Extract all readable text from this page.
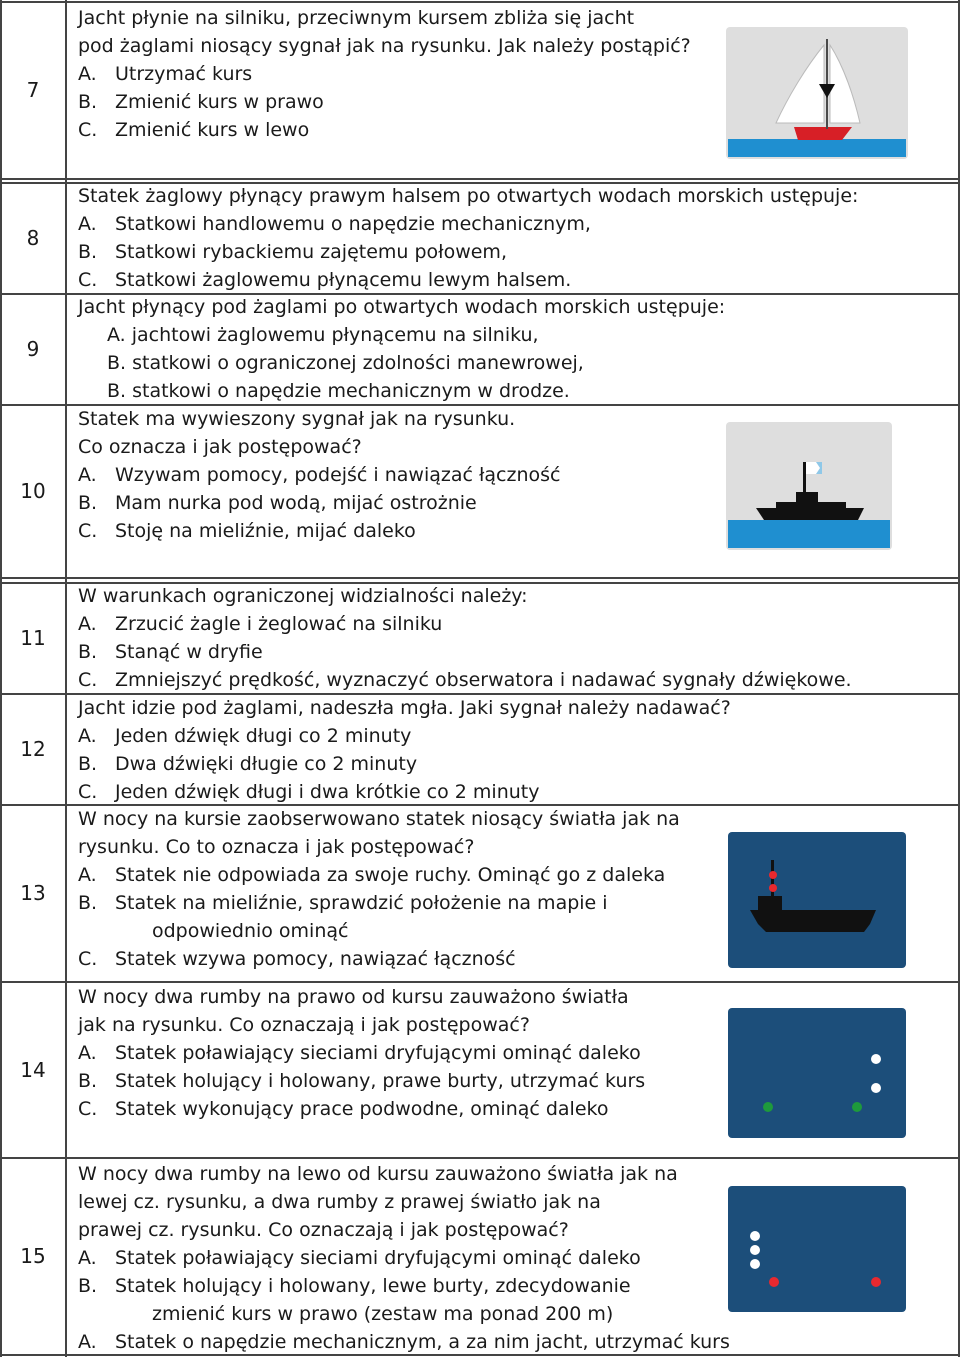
7
8
9
10
11
12
13
14
15
Jacht płynie na silniku, przeciwnym kursem zbliża się jacht
pod żaglami niosący sygnał jak na rysunku. Jak należy postąpić?
A. Utrzymać kurs
B. Zmienić kurs w prawo
C. Zmienić kurs w lewo
Statek żaglowy płynący prawym halsem po otwartych wodach morskich ustępuje:
A. Statkowi handlowemu o napędzie mechanicznym,
B. Statkowi rybackiemu zajętemu połowem,
C. Statkowi żaglowemu płynącemu lewym halsem.
Jacht płynący pod żaglami po otwartych wodach morskich ustępuje:
A. jachtowi żaglowemu płynącemu na silniku,
B. statkowi o ograniczonej zdolności manewrowej,
B. statkowi o napędzie mechanicznym w drodze.
Statek ma wywieszony sygnał jak na rysunku.
Co oznacza i jak postępować?
A. Wzywam pomocy, podejść i nawiązać łączność
B. Mam nurka pod wodą, mijać ostrożnie
C. Stoję na mieliźnie, mijać daleko
W warunkach ograniczonej widzialności należy:
A. Zrzucić żagle i żeglować na silniku
B. Stanąć w dryfie
C. Zmniejszyć prędkość, wyznaczyć obserwatora i nadawać sygnały dźwiękowe.
Jacht idzie pod żaglami, nadeszła mgła. Jaki sygnał należy nadawać?
A. Jeden dźwięk długi co 2 minuty
B. Dwa dźwięki długie co 2 minuty
C. Jeden dźwięk długi i dwa krótkie co 2 minuty
W nocy na kursie zaobserwowano statek niosący światła jak na
rysunku. Co to oznacza i jak postępować?
A. Statek nie odpowiada za swoje ruchy. Ominąć go z daleka
B. Statek na mieliźnie, sprawdzić położenie na mapie i
odpowiednio ominąć
C. Statek wzywa pomocy, nawiązać łączność
W nocy dwa rumby na prawo od kursu zauważono światła
jak na rysunku. Co oznaczają i jak postępować?
A. Statek poławiający sieciami dryfującymi ominąć daleko
B. Statek holujący i holowany, prawe burty, utrzymać kurs
C. Statek wykonujący prace podwodne, ominąć daleko
W nocy dwa rumby na lewo od kursu zauważono światła jak na
lewej cz. rysunku, a dwa rumby z prawej światło jak na
prawej cz. rysunku. Co oznaczają i jak postępować?
A. Statek poławiający sieciami dryfującymi ominąć daleko
B. Statek holujący i holowany, lewe burty, zdecydowanie
zmienić kurs w prawo (zestaw ma ponad 200 m)
A. Statek o napędzie mechanicznym, a za nim jacht, utrzymać kurs
